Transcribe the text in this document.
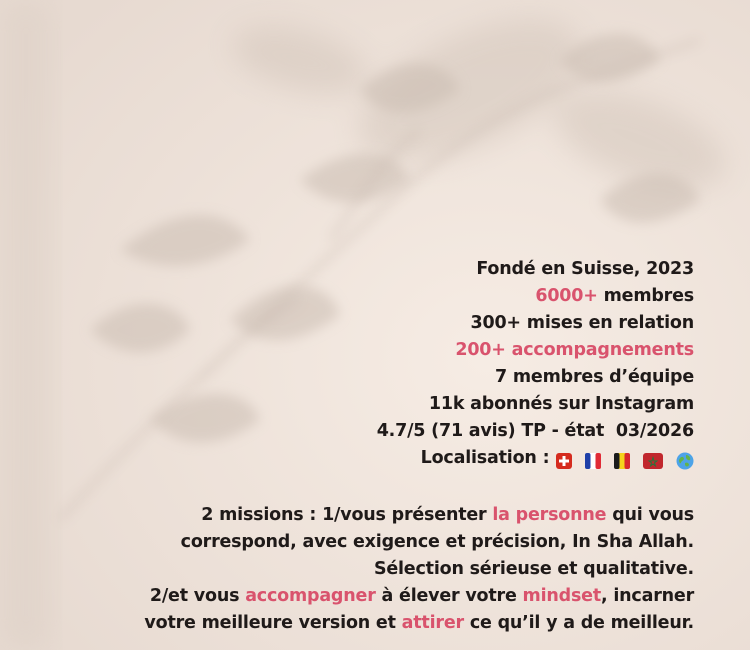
Fondé en Suisse, 2023
6000+ membres
300+ mises en relation
200+ accompagnements
7 membres d’équipe
11k abonnés sur Instagram
4.7/5 (71 avis) TP - état  03/2026
Localisation :

2 missions : 1/vous présenter la personne qui vous
correspond, avec exigence et précision, In Sha Allah.
Sélection sérieuse et qualitative.
2/et vous accompagner à élever votre mindset, incarner
votre meilleure version et attirer ce qu’il y a de meilleur.
